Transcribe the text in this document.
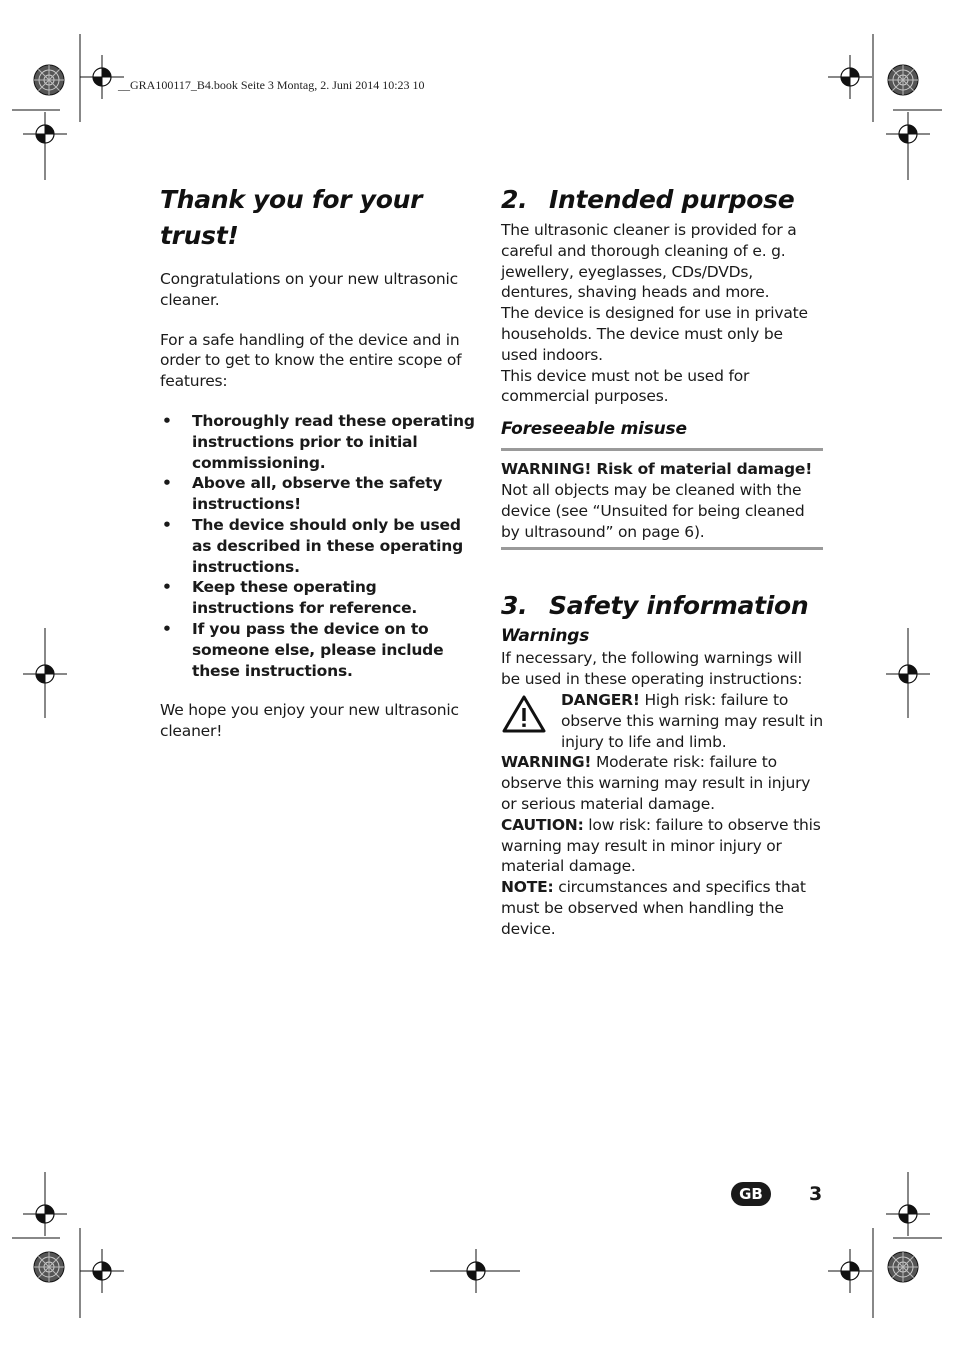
__GRA100117_B4.book Seite 3 Montag, 2. Juni 2014 10:23 10
Thank you for your trust!

Congratulations on your new ultrasonic cleaner.

For a safe handling of the device and in order to get to know the entire scope of features:

• Thoroughly read these operating instructions prior to initial commissioning.
• Above all, observe the safety instructions!
• The device should only be used as described in these operating instructions.
• Keep these operating instructions for reference.
• If you pass the device on to someone else, please include these instructions.

We hope you enjoy your new ultrasonic cleaner!

2. Intended purpose

The ultrasonic cleaner is provided for a careful and thorough cleaning of e. g. jewellery, eyeglasses, CDs/DVDs, dentures, shaving heads and more.

The device is designed for use in private households. The device must only be used indoors.

This device must not be used for commercial purposes.

Foreseeable misuse

WARNING! Risk of material damage!

Not all objects may be cleaned with the device (see “Unsuited for being cleaned by ultrasound” on page 6).

3. Safety information
Warnings

If necessary, the following warnings will be used in these operating instructions:

DANGER! High risk: failure to observe this warning may result in injury to life and limb.

WARNING! Moderate risk: failure to observe this warning may result in injury or serious material damage.

CAUTION: low risk: failure to observe this warning may result in minor injury or material damage.

NOTE: circumstances and specifics that must be observed when handling the device.

GB	3
